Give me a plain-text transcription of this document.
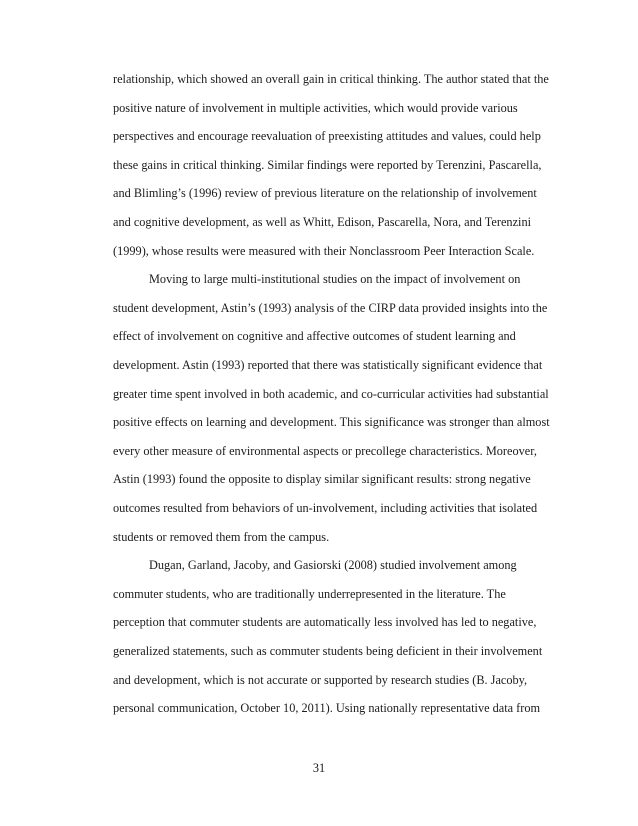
relationship, which showed an overall gain in critical thinking. The author stated that the

positive nature of involvement in multiple activities, which would provide various

perspectives and encourage reevaluation of preexisting attitudes and values, could help

these gains in critical thinking. Similar findings were reported by Terenzini, Pascarella,

and Blimling’s (1996) review of previous literature on the relationship of involvement

and cognitive development, as well as Whitt, Edison, Pascarella, Nora, and Terenzini

(1999), whose results were measured with their Nonclassroom Peer Interaction Scale.

Moving to large multi-institutional studies on the impact of involvement on

student development, Astin’s (1993) analysis of the CIRP data provided insights into the

effect of involvement on cognitive and affective outcomes of student learning and

development. Astin (1993) reported that there was statistically significant evidence that

greater time spent involved in both academic, and co-curricular activities had substantial

positive effects on learning and development. This significance was stronger than almost

every other measure of environmental aspects or precollege characteristics. Moreover,

Astin (1993) found the opposite to display similar significant results: strong negative

outcomes resulted from behaviors of un-involvement, including activities that isolated

students or removed them from the campus.

Dugan, Garland, Jacoby, and Gasiorski (2008) studied involvement among

commuter students, who are traditionally underrepresented in the literature. The

perception that commuter students are automatically less involved has led to negative,

generalized statements, such as commuter students being deficient in their involvement

and development, which is not accurate or supported by research studies (B. Jacoby,

personal communication, October 10, 2011). Using nationally representative data from

31
